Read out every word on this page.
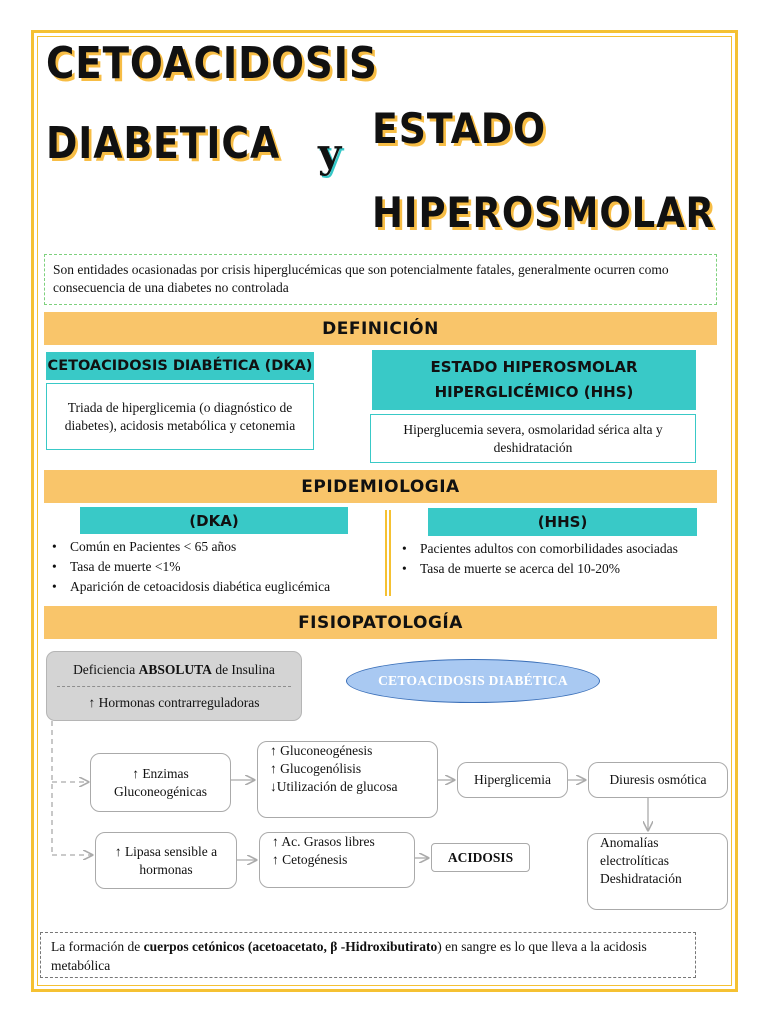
CETOACIDOSIS
DIABETICA y
ESTADO
HIPEROSMOLAR
Son entidades ocasionadas por crisis hiperglucémicas que son potencialmente fatales, generalmente ocurren como consecuencia de una diabetes no controlada
DEFINICIÓN
CETOACIDOSIS DIABÉTICA (DKA)
Triada de hiperglicemia (o diagnóstico de diabetes), acidosis metabólica y cetonemia
ESTADO HIPEROSMOLAR HIPERGLICÉMICO (HHS)
Hiperglucemia severa, osmolaridad sérica alta y deshidratación
EPIDEMIOLOGIA
(DKA)
• Común en Pacientes < 65 años
• Tasa de muerte <1%
• Aparición de cetoacidosis diabética euglicémica
(HHS)
• Pacientes adultos con comorbilidades asociadas
• Tasa de muerte se acerca del 10-20%
FISIOPATOLOGÍA
Deficiencia ABSOLUTA de Insulina
↑ Hormonas contrarreguladoras
CETOACIDOSIS DIABÉTICA
↑ Enzimas
Gluconeogénicas
↑ Gluconeogénesis
↑ Glucogenólisis
↓Utilización de glucosa	Hiperglicemia	Diuresis osmótica
↑ Lipasa sensible a
hormonas
↑ Ac. Grasos libres
↑ Cetogénesis	ACIDOSIS
Anomalías
electrolíticas
Deshidratación
La formación de cuerpos cetónicos (acetoacetato, β -Hidroxibutirato) en sangre es lo que lleva a la acidosis metabólica
